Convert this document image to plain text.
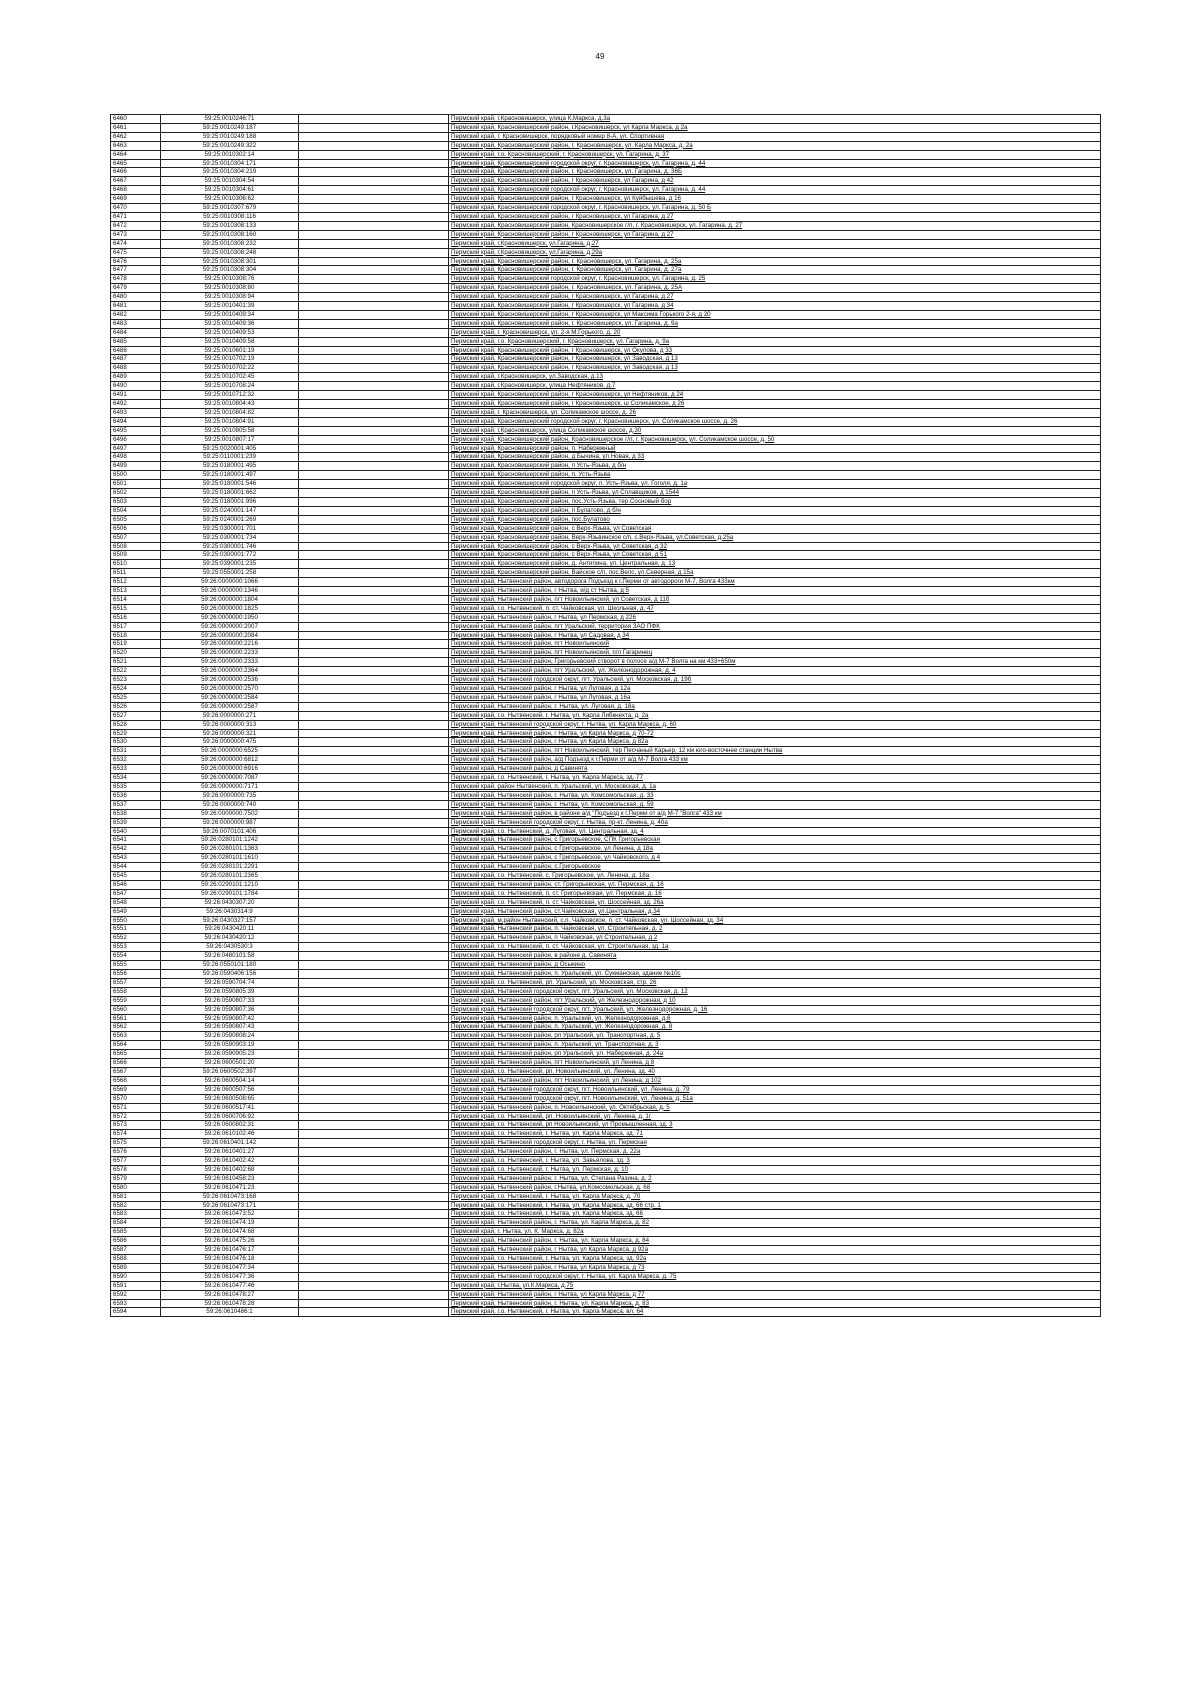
49
6460	59:25:0010246:71		Пермский край, г.Красновишерск, улица К.Маркса, д.3а
6461	59:25:0010249:187		Пермский край, Красновишерский район, г.Красновишерск, ул Карла Маркса, д 2а
6462	59:25:0010249:188		Пермский край, г. Красновишерск, порядковый номер 8-А, ул. Спортивная
6463	59:25:0010249:322		Пермский край, Красновишерский район, г. Красновишерск, ул. Карла Маркса, д. 2а
6464	59:25:0010302:14		Пермский край, г.о. Красновишерский, г. Красновишерск, ул. Гагарина, д. 37
6465	59:25:0010304:171		Пермский край, Красновишерский городской округ, г. Красновишерск, ул. Гагарина, д. 44
6466	59:25:0010304:219		Пермский край, Красновишерский район, г. Красновишерск, ул. Гагарина, д. 36Б
6467	59:25:0010304:54		Пермский край, Красновишерский район, г Красновишерск, ул Гагарина, д 42
6468	59:25:0010304:61		Пермский край, Красновишерский городской округ, г. Красновишерск, ул. Гагарина, д. 44
6469	59:25:0010306:62		Пермский край, Красновишерский район, г Красновишерск, ул Куйбышева, д 16
6470	59:25:0010307:679		Пермский край, Красновишерский городской округ, г. Красновишерск, ул. Гагарина, д. 50 Б
6471	59:25:0010308:116		Пермский край, Красновишерский район, г Красновишерск, ул Гагарина, д 27
6472	59:25:0010308:133		Пермский край, Красновишерский район, Красновишерское г/п, г. Красновишерск, ул. Гагарина, д. 27
6473	59:25:0010308:160		Пермский край, Красновишерский район, г Красновишерск, ул Гагарина, д 27
6474	59:25:0010308:232		Пермский край, г.Красновишерск, ул.Гагарина, д.27
6475	59:25:0010308:248		Пермский край, г.Красновишерск, ул.Гагарина, д.29а
6476	59:25:0010308:301		Пермский край, Красновишерский район, г. Красновишерск, ул. Гагарина, д. 25а
6477	59:25:0010308:304		Пермский край, Красновишерский район, г. Красновишерск, ул. Гагарина, д. 27а
6478	59:25:0010308:76		Пермский край, Красновишерский городской округ, г. Красновишерск, ул. Гагарина, д. 25
6479	59:25:0010308:80		Пермский край, Красновишерский район, г. Красновишерск, ул. Гагарина, д. 25А
6480	59:25:0010308:94		Пермский край, Красновишерский район, г Красновишерск, ул Гагарина, д 27
6481	59:25:0010401:39		Пермский край, Красновишерский район, г Красновишерск, ул Гагарина, д 34
6482	59:25:0010409:34		Пермский край, Красновишерский район, г Красновишерск, ул Максима Горького 2-я, д 20
6483	59:25:0010409:36		Пермский край, Красновишерский район, г. Красновишерск, ул. Гагарина, д. 9а
6484	59:25:0010409:53		Пермский край, г. Красновишерск, ул. 2-я М.Горького, д. 20
6485	59:25:0010409:58		Пермский край, г.о. Красновишерский, г. Красновишерск, ул. Гагарина, д. 9а
6486	59:25:0010601:19		Пермский край, Красновишерский район, г Красновишерск, ул Окулова, д 33
6487	59:25:0010702:19		Пермский край, Красновишерский район, г Красновишерск, ул Заводская, д 13
6488	59:25:0010702:22		Пермский край, Красновишерский район, г Красновишерск, ул Заводская, д 13
6489	59:25:0010702:45		Пермский край, г.Красновишерск, ул.Заводская, д.13
6490	59:25:0010708:24		Пермский край, г.Красновишерск, улица Нефтяников, д.7
6491	59:25:0010712:32		Пермский край, Красновишерский район, г Красновишерск, ул Нефтяников, д 24
6492	59:25:0010804:43		Пермский край, Красновишерский район, г Красновишерск, ш Соликамское, д 26
6493	59:25:0010804:82		Пермский край, г. Красновишерск, ул. Соликамское шоссе, д. 26
6494	59:25:0010804:91		Пермский край, Красновишерский городской округ, г. Красновишерск, ул. Соликамское шоссе, д. 26
6495	59:25:0010805:58		Пермский край, г.Красновишерск, улица Соликамское шоссе, д.30
6496	59:25:0010807:17		Пермский край, Красновишерский район, Красновишерское г/п, г. Красновишерск, ул. Соликамское шоссе, д. 50
6497	59:25:0020001:405		Пермский край, Красновишерский район, п. Набережный
6498	59:25:0110001:239		Пермский край, Красновишерский район, д Бычина, ул Новая, д 33
6499	59:25:0180001:495		Пермский край, Красновишерский район, п Усть-Язьва, д б/н
6500	59:25:0180001:497		Пермский край, Красновишерский район, п. Усть-Язьва
6501	59:25:0180001:546		Пермский край, Красновишерский городской округ, п. Усть-Язьва, ул. Гоголя, д. 1а
6502	59:25:0180001:662		Пермский край, Красновишерский район, п Усть-Язьва, ул Сплавщиков, д 1544
6503	59:25:0180001:996		Пермский край, Красновишерский район, пос.Усть-Язьва, тер.Сосновый бор
6504	59:25:0240001:147		Пермский край, Красновишерский район, п Булатово, д б/н
6505	59:25:0240001:269		Пермский край, Красновишерский район, пос.Булатово
6506	59:25:0300001:701		Пермский край, Красновишерский район, с Верх-Язьва, ул Советская
6507	59:25:0300001:734		Пермский край, Красновишерский район, Верх-Язьвинское с/п, с.Верх-Язьва, ул.Советская, д.25а
6508	59:25:0300001:746		Пермский край, Красновишерский район, с Верх-Язьва, ул Советская, д 32
6509	59:25:0300001:772		Пермский край, Красновишерский район, с Верх-Язьва, ул Советская, д 51
6510	59:25:0390001:235		Пермский край, Красновишерский район, д. Антипина, ул. Центральная, д. 13
6511	59:25:0550001:258		Пермский край, Красновишерский район, Вайское с/п, пос.Велс, ул.Северная, д.15а
6512	59:26:0000000:1066		Пермский край, Нытвенский район, автодорога Подъезд к г.Перми от автодороги М-7, Волга 433км
6513	59:26:0000000:1346		Пермский край, Нытвенский район, г Нытва, и/д ст Нытва, д 5
6514	59:26:0000000:1804		Пермский край, Нытвенский район, пгт Новоильинский, ул Советская, д 11б
6515	59:26:0000000:1825		Пермский край, г.о. Нытвенский, п. ст. Чайковская, ул. Школьная, д. 47
6516	59:26:0000000:1950		Пермский край, Нытвенский район, г Нытва, ул Пермская, д 226
6517	59:26:0000000:2007		Пермский край, Нытвенский район, пгт Уральский, территория ЗАО ПФК
6518	59:26:0000000:2084		Пермский край, Нытвенский район, г Нытва, ул Садовая, д 34
6519	59:26:0000000:2216		Пермский край, Нытвенский район, пгт Новоильинский
6520	59:26:0000000:2233		Пермский край, Нытвенский район, пгт Новоильинский, п/л Гагаринец
6521	59:26:0000000:2333		Пермский край, Нытвенский район, Григорьевский створот в полосе а/д М-7 Волга на км 433+650м
6522	59:26:0000000:2364		Пермский край, Нытвенский район, пгт Уральский, ул. Железнодорожная, д. 4
6523	59:26:0000000:2536		Пермский край, Нытвенский городской округ, пгт. Уральский, ул. Московская, д. 19б
6524	59:26:0000000:2570		Пермский край, Нытвенский район, г Нытва, ул Луговая, д 12а
6525	59:26:0000000:2584		Пермский край, Нытвенский район, г Нытва, ул Луговая, д 16а
6526	59:26:0000000:2587		Пермский край, Нытвенский район, г. Нытва, ул. Луговая, д. 18а
6527	59:26:0000000:271		Пермский край, г.о. Нытвенский, г. Нытва, ул. Карла Либкнехта, д. 2а
6528	59:26:0000000:313		Пермский край, Нытвенский городской округ, г. Нытва, ул. Карла Маркса, д. 60
6529	59:26:0000000:321		Пермский край, Нытвенский район, г Нытва, ул Карла Маркса, д 70-72
6530	59:26:0000000:475		Пермский край, Нытвенский район, г Нытва, ул Карла Маркса, д 82а
6531	59:26:0000000:6525		Пермский край, Нытвенский район, пгт Новоильинский, тер Песчаный Карьер, 12 км юго-восточнее станции Нытва
6532	59:26:0000000:6812		Пермский край, Нытвенский район, а/д Подъезд к г.Перми от а/д М-7 Волга 433 км
6533	59:26:0000000:6916		Пермский край, Нытвенский район, д Савинята
6534	59:26:0000000:7087		Пермский край, г.о. Нытвенский, г. Нытва, ул. Карла Маркса, зд. 77
6535	59:26:0000000:7171		Пермский край, район Нытвенский, п. Уральский, ул. Московская, д. 1а
6536	59:26:0000000:735		Пермский край, Нытвенский район, г. Нытва, ул. Комсомольская, д. 33
6537	59:26:0000000:740		Пермский край, Нытвенский район, г. Нытва, ул. Комсомольская, д. 59
6538	59:26:0000000:7502		Пермский край, Нытвенский район, в районе а/д "Подъезд к г.Перми от а/д М-7 "Волга" 433 км
6539	59:26:0000000:987		Пермский край, Нытвенский городской округ, г. Нытва, пр-кт. Ленина, д. 40а
6540	59:26:0070101:406		Пермский край, г.о. Нытвенский, д. Луговая, ул. Центральная, зд. 4
6541	59:26:0280101:1242		Пермский край, Нытвенский район, с Григорьевское, СПК Григорьевская
6542	59:26:0280101:1363		Пермский край, Нытвенский район, с Григорьевское, ул Ленина, д 18а
6543	59:26:0280101:1610		Пермский край, Нытвенский район, с Григорьевское, ул Чайковского, д 4
6544	59:26:0280101:2291		Пермский край, Нытвенский район, с.Григорьевское
6545	59:26:0280101:2365		Пермский край, г.о. Нытвенский, с. Григорьевское, ул. Ленина, д. 18а
6546	59:26:0290101:1210		Пермский край, Нытвенский район, ст. Григорьевская, ул. Пермская, д. 16
6547	59:26:0290101:1784		Пермский край, г.о. Нытвенский, п. ст. Григорьевская, ул. Пермская, д. 16
6548	59:26:0430307:20		Пермский край, г.о. Нытвенский, п. ст. Чайковская, ул. Шоссейная, зд. 26а
6549	59:26:0430314:9		Пермский край, Нытвенский район, ст.Чайковская, ул.Центральная, д.34
6550	59:26:0430327:157		Пермский край, м.район Нытвенский, с.п. Чайковское, п. ст. Чайковская, ул. Шоссейная, зд. 34
6551	59:26:0430420:11		Пермский край, Нытвенский район, п. Чайковская, ул. Строительная, д. 2
6552	59:26:0430420:12		Пермский край, Нытвенский район, п Чайковская, ул Строительная, д 2
6553	59:26:0430530:3		Пермский край, г.о. Нытвенский, п. ст. Чайковская, ул. Строительная, зд. 1а
6554	59:26:0480101:58		Пермский край, Нытвенский район, в районе д. Савинята
6555	59:26:0550101:180		Пермский край, Нытвенский район, д Осыкино
6556	59:26:0590406:156		Пермский край, Нытвенский район, п. Уральский, ул. Сукманская, здание №10с
6557	59:26:0590704:74		Пермский край, г.о. Нытвенский, рп. Уральский, ул. Московская, стр. 26
6558	59:26:0590805:39		Пермский край, Нытвенский городской округ, пгт. Уральский, ул. Московская, д. 12
6559	59:26:0590807:33		Пермский край, Нытвенский район, пгт Уральский, ул Железнодорожная, д 10
6560	59:26:0590807:36		Пермский край, Нытвенский городской округ, пгт. Уральский, ул. Железнодорожная, д. 16
6561	59:26:0590807:42		Пермский край, Нытвенский район, п. Уральский, ул. Железнодорожная, д.6
6562	59:26:0590807:43		Пермский край, Нытвенский район, п. Уральский, ул. Железнодорожная, д. 8
6563	59:26:0590808:24		Пермский край, Нытвенский район, рп Уральский, ул. Транспортная, д. 5
6564	59:26:0590903:19		Пермский край, Нытвенский район, п. Уральский, ул. Транспортная, д. 3
6565	59:26:0590905:23		Пермский край, Нытвенский район, рп Уральский, ул. Набережная, д. 24а
6566	59:26:0600501:20		Пермский край, Нытвенский район, пгт Новоильинский, ул Ленина, д 8
6567	59:26:0600502:397		Пермский край, г.о. Нытвенский, рп. Новоильинский, ул. Ленина, зд. 40
6568	59:26:0600504:14		Пермский край, Нытвенский район, пгт Новоильинский, ул Ленина, д 102
6569	59:26:0600507:56		Пермский край, Нытвенский городской округ, пгт. Новоильинский, ул. Ленина, д. 79
6570	59:26:0600508:65		Пермский край, Нытвенский городской округ, пгт. Новоильинский, ул. Ленина, д. 51а
6571	59:26:0600517:41		Пермский край, Нытвенский район, п. Новоильинский, ул. Октябрьская, д. 5
6572	59:26:0600706:92		Пермский край, г.о. Нытвенский, рп. Новоильинский, ул. Ленина, д. 1г
6573	59:26:0600802:31		Пермский край, г.о. Нытвенский, рп Новоильинский, ул Промышленная, зд. 3
6574	59:26:0610102:46		Пермский край, г.о. Нытвенский, г. Нытва, ул. Карла Маркса, зд. 71
6575	59:26:0610401:142		Пермский край, Нытвенский городской округ, г. Нытва, ул. Пермская
6576	59:26:0610401:27		Пермский край, Нытвенский район, г. Нытва, ул. Пермская, д. 22а
6577	59:26:0610402:42		Пермский край, г.о. Нытвенский, г. Нытва, ул. Завьялова, зд. 3
6578	59:26:0610402:68		Пермский край, г.о. Нытвенский, г. Нытва, ул. Пермская, д. 10
6579	59:26:0610458:23		Пермский край, Нытвенский район, г. Нытва, ул. Степана Разина, д. 2
6580	59:26:0610471:23		Пермский край, Нытвенский район, г.Нытва, ул.Комсомольская, д. 68
6581	59:26:0610473:168		Пермский край, г.о. Нытвенский, г. Нытва, ул. Карла Маркса, д. 70
6582	59:26:0610473:171		Пермский край, г.о. Нытвенский, г. Нытва, ул. Карла Маркса, зд. 66 стр. 1
6583	59:26:0610473:52		Пермский край, г.о. Нытвенский, г. Нытва, ул. Карла Маркса, зд. 66
6584	59:26:0610474:19		Пермский край, Нытвенский район, г. Нытва, ул. Карла Маркса, д. 82
6585	59:26:0610474:68		Пермский край, г. Нытва, ул. К. Маркса, д. 82а
6586	59:26:0610475:26		Пермский край, Нытвенский район, г. Нытва, ул. Карла Маркса, д. 84
6587	59:26:0610476:17		Пермский край, Нытвенский район, г Нытва, ул Карла Маркса, д 92а
6588	59:26:0610476:18		Пермский край, г.о. Нытвенский, г. Нытва, ул. Карла Маркса, зд. 92а
6589	59:26:0610477:34		Пермский край, Нытвенский район, г Нытва, ул Карла Маркса, д 73
6590	59:26:0610477:36		Пермский край, Нытвенский городской округ, г. Нытва, ул. Карла Маркса, д. 75
6591	59:26:0610477:46		Пермский край, г.Нытва, ул.К.Маркса, д.75
6592	59:26:0610478:27		Пермский край, Нытвенский район, г Нытва, ул Карла Маркса, д 77
6593	59:26:0610478:28		Пермский край, Нытвенский район, г. Нытва, ул. Карла Маркса, д. 83
6594	59:26:0610486:1		Пермский край, г.о. Нытвенский, г. Нытва, ул. Карла Маркса, вл. 64
